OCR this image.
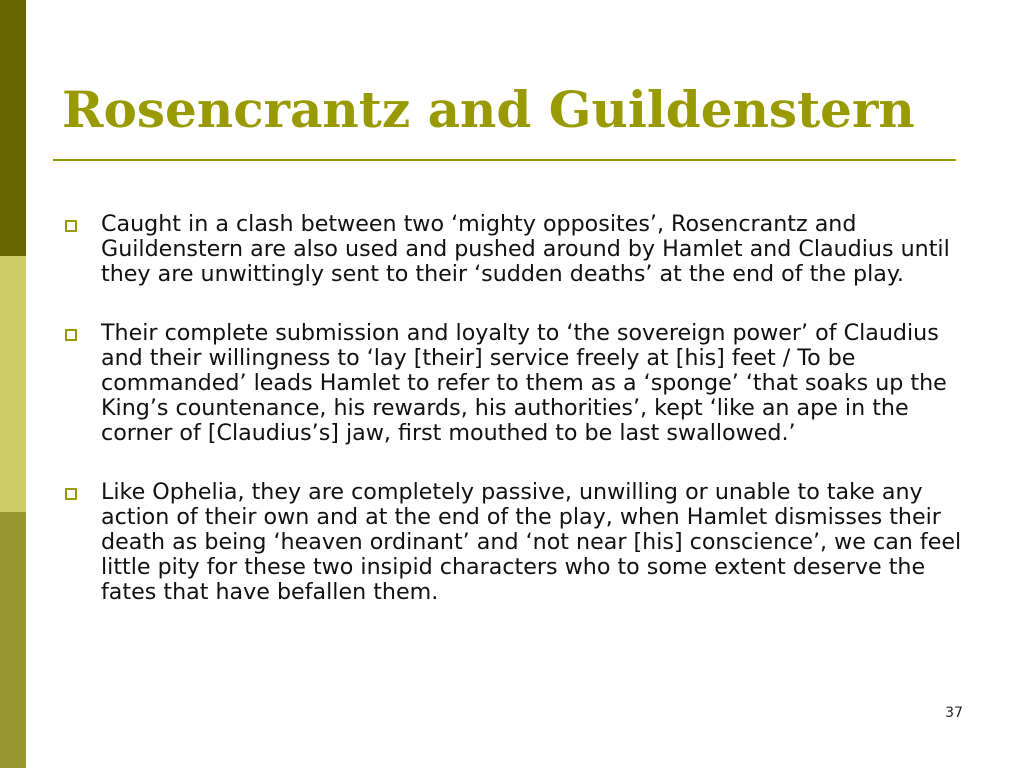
Rosencrantz and Guildenstern
Caught in a clash between two ‘mighty opposites’, Rosencrantz and Guildenstern are also used and pushed around by Hamlet and Claudius until they are unwittingly sent to their ‘sudden deaths’ at the end of the play.
Their complete submission and loyalty to ‘the sovereign power’ of Claudius and their willingness to ‘lay [their] service freely at [his] feet / To be commanded’ leads Hamlet to refer to them as a ‘sponge’ ‘that soaks up the King’s countenance, his rewards, his authorities’, kept ‘like an ape in the corner of [Claudius’s] jaw, first mouthed to be last swallowed.’
Like Ophelia, they are completely passive, unwilling or unable to take any action of their own and at the end of the play, when Hamlet dismisses their death as being ‘heaven ordinant’ and ‘not near [his] conscience’, we can feel little pity for these two insipid characters who to some extent deserve the fates that have befallen them.
37
